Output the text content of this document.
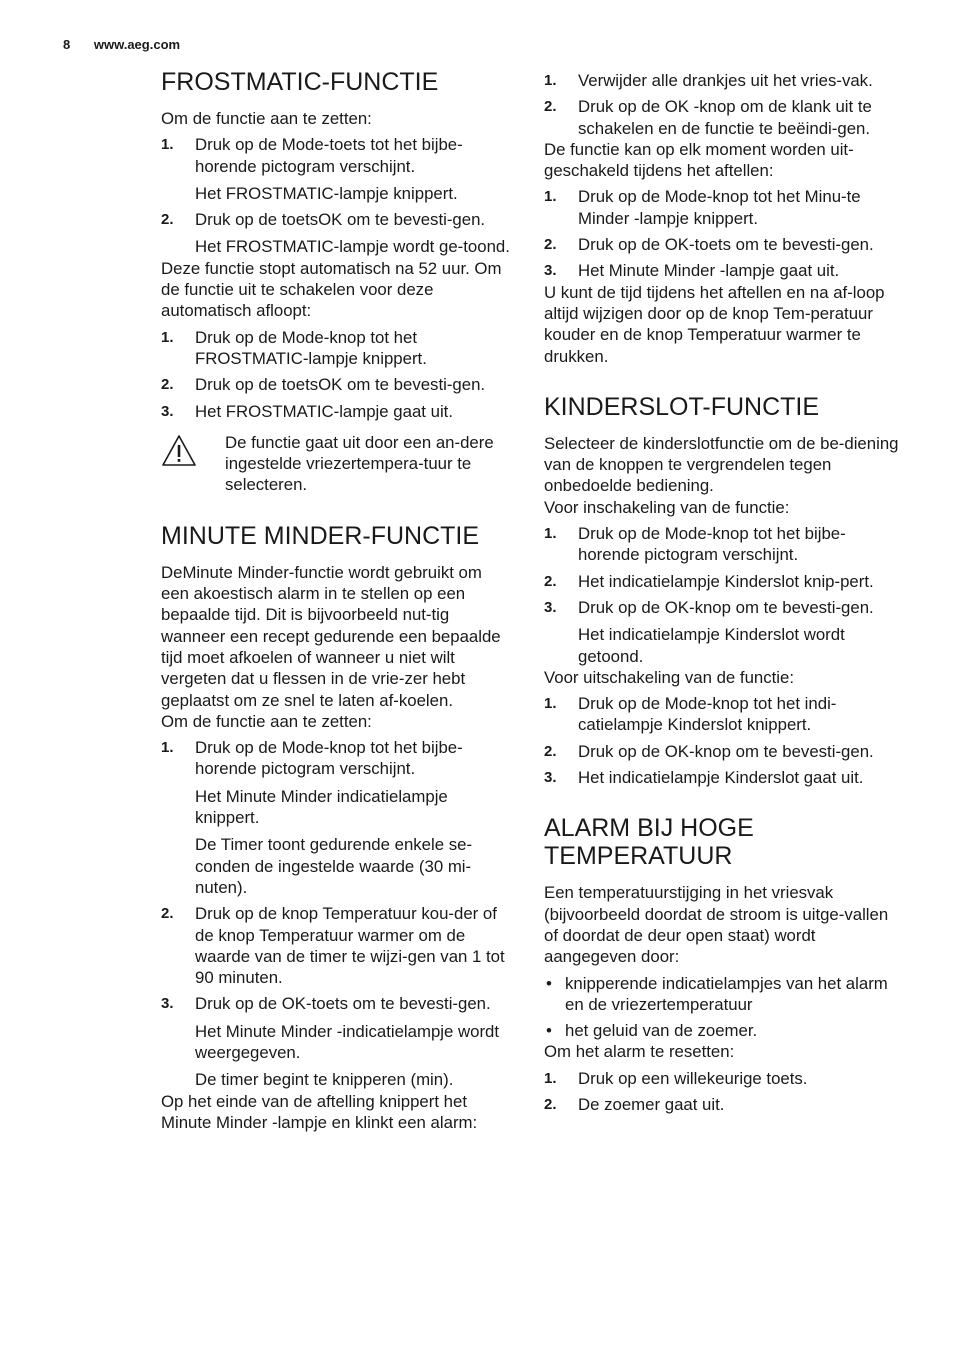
8 www.aeg.com
FROSTMATIC-FUNCTIE

Om de functie aan te zetten:

1.	Druk op de Mode-toets tot het bijbe-horende pictogram verschijnt.

Het FROSTMATIC-lampje knippert.

2.	Druk op de toetsOK om te bevesti-gen.

Het FROSTMATIC-lampje wordt ge-toond.

Deze functie stopt automatisch na 52 uur. Om de functie uit te schakelen voor deze automatisch afloopt:

1.	Druk op de Mode-knop tot het FROSTMATIC-lampje knippert.
2.	Druk op de toetsOK om te bevesti-gen.
3.	Het FROSTMATIC-lampje gaat uit.
De functie gaat uit door een an-dere ingestelde vriezertempera-tuur te selecteren.
MINUTE MINDER-FUNCTIE

DeMinute Minder-functie wordt gebruikt om een akoestisch alarm in te stellen op een bepaalde tijd. Dit is bijvoorbeeld nut-tig wanneer een recept gedurende een bepaalde tijd moet afkoelen of wanneer u niet wilt vergeten dat u flessen in de vrie-zer hebt geplaatst om ze snel te laten af-koelen.

Om de functie aan te zetten:

1.	Druk op de Mode-knop tot het bijbe-horende pictogram verschijnt.

Het Minute Minder indicatielampje knippert.

De Timer toont gedurende enkele se-conden de ingestelde waarde (30 mi-nuten).

2.	Druk op de knop Temperatuur kou-der of de knop Temperatuur warmer om de waarde van de timer te wijzi-gen van 1 tot 90 minuten.
3.	Druk op de OK-toets om te bevesti-gen.

Het Minute Minder -indicatielampje wordt weergegeven.

De timer begint te knipperen (min).

Op het einde van de aftelling knippert het Minute Minder -lampje en klinkt een alarm:

1.	Verwijder alle drankjes uit het vries-vak.
2.	Druk op de OK -knop om de klank uit te schakelen en de functie te beëindi-gen.

De functie kan op elk moment worden uit-geschakeld tijdens het aftellen:

1.	Druk op de Mode-knop tot het Minu-te Minder -lampje knippert.
2.	Druk op de OK-toets om te bevesti-gen.
3.	Het Minute Minder -lampje gaat uit.

U kunt de tijd tijdens het aftellen en na af-loop altijd wijzigen door op de knop Tem-peratuur kouder en de knop Temperatuur warmer te drukken.

KINDERSLOT-FUNCTIE

Selecteer de kinderslotfunctie om de be-diening van de knoppen te vergrendelen tegen onbedoelde bediening.

Voor inschakeling van de functie:

1.	Druk op de Mode-knop tot het bijbe-horende pictogram verschijnt.
2.	Het indicatielampje Kinderslot knip-pert.
3.	Druk op de OK-knop om te bevesti-gen.

Het indicatielampje Kinderslot wordt getoond.

Voor uitschakeling van de functie:

1.	Druk op de Mode-knop tot het indi-catielampje Kinderslot knippert.
2.	Druk op de OK-knop om te bevesti-gen.
3.	Het indicatielampje Kinderslot gaat uit.
ALARM BIJ HOGE TEMPERATUUR

Een temperatuurstijging in het vriesvak (bijvoorbeeld doordat de stroom is uitge-vallen of doordat de deur open staat) wordt aangegeven door:

• knipperende indicatielampjes van het alarm en de vriezertemperatuur
• het geluid van de zoemer.

Om het alarm te resetten:

1.	Druk op een willekeurige toets.
2.	De zoemer gaat uit.
